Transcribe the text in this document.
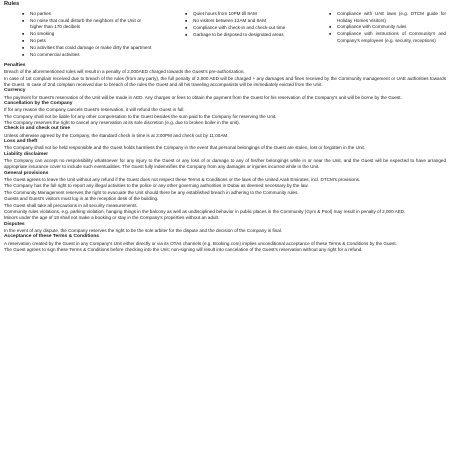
Rules
■ No parties
■ No noise that could disturb the neighbors of the Unit or higher than 170 decibels
■ No smoking
■ No pets
■ No activities that could damage or make dirty the apartment
■ No commercial activities
■ Quiet hours from 10PM till 8AM
■ No visitors between 12AM and 8AM
■ Compliance with check-in and check-out time
■ Garbage to be disposed to designated areas
■ Compliance with UAE laws (e.g. DTCM guide for Holiday Homes Visitors)
■ Compliance with Community rules
■ Compliance with instructions of Community's and Company's employees (e.g. security, receptions)
Penalties
Breach of the aforementioned rules will result in a penalty of 2,000AED charged towards the Guest's pre-authorization.
In case of 1st complain received due to breach of the rules (from any party), the full penalty of 2,000 AED will be charged + any damages and fines received by the Community management or UAE authorities towards the Guest. In case of 2nd complain received due to breach of the rules the Guest and all his traveling accompanists will be immediately evicted from the Unit.
Currency
The payment for Guest's reservation of the Unit will be made in AED. Any charges or fees to obtain the payment from the Guest for his reservation of the Company's unit will be borne by the Guest.
Cancellation by the Company
If for any reason the Company cancels Guest's reservation, it will refund the Guest in full.
The Company shall not be liable for any other compensation to the Guest besides the sum paid to the Company for reserving the Unit.
The Company reserves the right to cancel any reservation at its sole discretion (e.g. due to broken boiler in the unit).
Check in and check out time
Unless otherwise agreed by the Company, the standard check in time is at 3:00PM and check out by 11:00AM.
Loss and theft
The Company shall not be held responsible and the Guest holds harmless the Company in the event that personal belongings of the Guest are stolen, lost or forgotten in the Unit.
Liability disclaimer
The Company can accept no responsibility whatsoever for any injury to the Guest or any loss of or damage to any of his/her belongings while in or near the Unit, and the Guest will be expected to have arranged appropriate insurance cover to include such eventualities. The Guest fully indemnifies the Company from any damages or injuries incurred while in the Unit.
General provisions
The Guest agrees to leave the Unit without any refund if the Guest does not respect these Terms & Conditions or the laws of the United Arab Emirates, incl. DTCM's provisions.
The Company has the full right to report any illegal activities to the police or any other governing authorities in Dubai as deemed necessary by the law.
The Community Management reserves the right to evacuate the Unit should there be any established breach in adhering to the Community rules.
Guests and Guest's visitors must log in at the reception desk of the building.
The Guest shall take all precautions in all security measurements.
Community rules violations, e.g. parking violation, hanging things in the balcony as well as undisciplined behavior in public places in the Community (Gym & Pool) may result in penalty of 2,000 AED.
Minors under the age of 18 shall not make a booking or stay in the Company's properties without an adult.
Disputes
In the event of any dispute, the Company reserves the right to be the sole arbiter for the dispute and the decision of the Company is final.
Acceptance of these Terms & Conditions
A reservation created by the Guest in any Company's Unit either directly or via its OTAs channels (e.g. Booking.com) implies unconditional acceptance of these Terms & Conditions by the Guest.
The Guest agrees to sign these Terms & Conditions before checking into the Unit; non-signing will result into cancelation of the Guest's reservation without any right for a refund.
